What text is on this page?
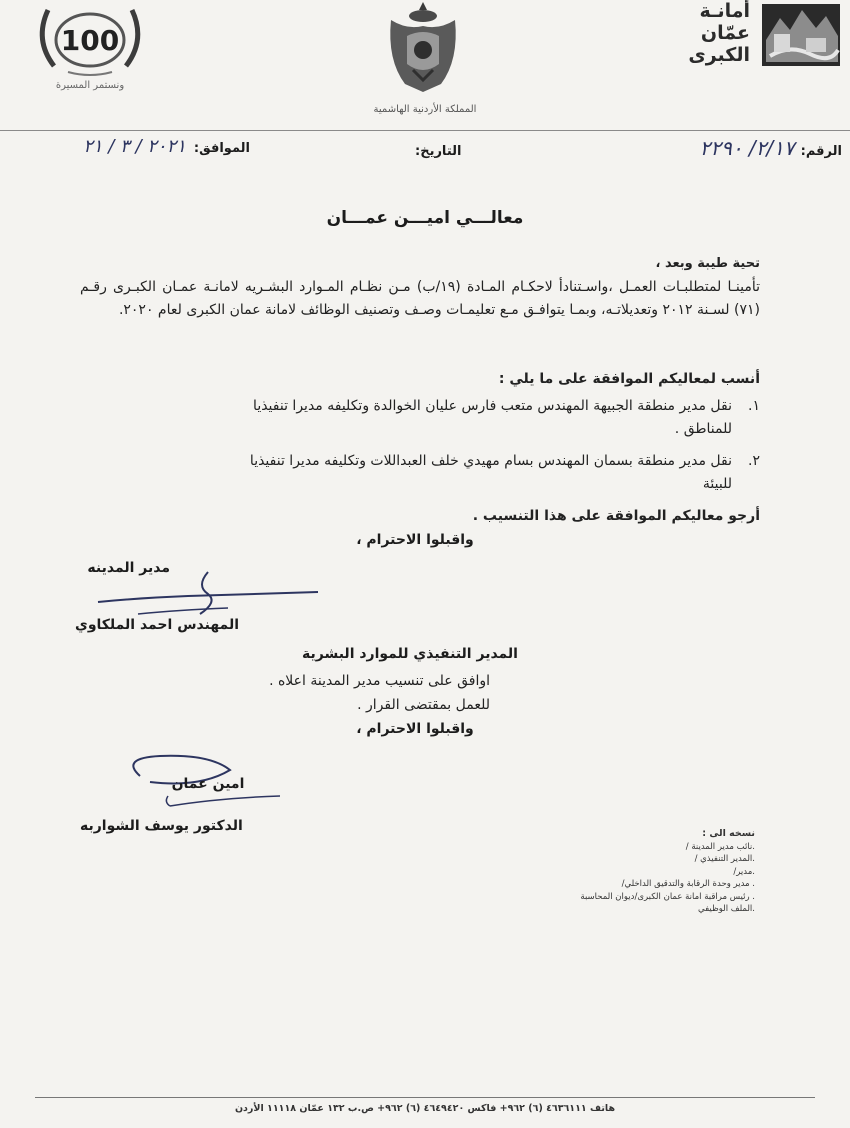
أمانـة
عمّان
الكبرى
المملكة الأردنية الهاشمية
100
ونستمر المسيرة
الرقم:
٢/١٧/ ٢٢٩٠
التاريخ:
الموافق:
٢٠٢١ / ٣ / ٢١
معالـــي اميـــن عمـــان
تحية طيبة وبعد ،
تأمينـا لمتطلبـات العمـل ،واسـتنادأ لاحكـام المـادة (١٩/ب) مـن نظـام المـوارد البشـريه لامانـة عمـان الكبـرى رقـم (٧١) لسـنة ٢٠١٢ وتعديلاتـه، وبمـا يتوافـق مـع تعليمـات وصـف وتصنيف الوظائف لامانة عمان الكبرى لعام ٢٠٢٠.
أنسب لمعاليكم الموافقة على ما يلي :
١.
نقل مدير منطقة الجبيهة المهندس متعب فارس عليان الخوالدة وتكليفه مديرا تنفيذيا
للمناطق .
٢.
نقل مدير منطقة بسمان المهندس بسام مهيدي خلف العبداللات وتكليفه مديرا تنفيذيا
للبيئة
أرجو معاليكم الموافقة على هذا التنسيب .
واقبلوا الاحترام ،
مدير المدينه
المهندس احمد الملكاوي
المدير التنفيذي للموارد البشرية
اوافق على تنسيب مدير المدينة اعلاه .
للعمل بمقتضى القرار .
واقبلوا الاحترام ،
امين عمان
الدكتور يوسف الشواربه	نسخه الى :
.نائب مدير المدينة /
.المدير التنفيذي /
.مدير/
. مدير وحدة الرقابة والتدقيق الداخلي/
. رئيس مراقبة امانة عمان الكبرى/ديوان المحاسبة
.الملف الوظيفي
هاتف ٤٦٣٦١١١ (٦) ٩٦٢+ فاكس ٤٦٤٩٤٢٠ (٦) ٩٦٢+ ص.ب ١٣٢ عمّان ١١١١٨ الأردن
